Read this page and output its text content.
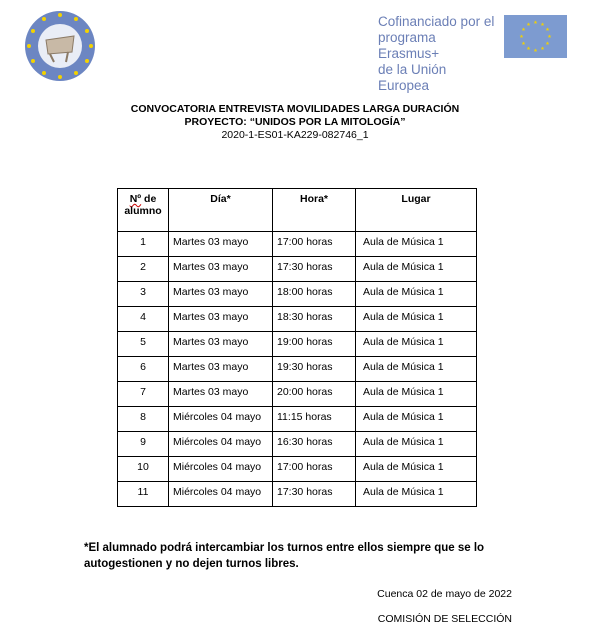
Cofinanciado por el
programa Erasmus+
de la Unión Europea
★ ★
★
★
★
★
★
★
★
★
★
★
CONVOCATORIA ENTREVISTA MOVILIDADES LARGA DURACIÓN
PROYECTO: “UNIDOS POR LA MITOLOGÍA”
2020-1-ES01-KA229-082746_1
Nº de alumno	Día*	Hora*	Lugar
1	Martes 03 mayo	17:00 horas	Aula de Música 1
2	Martes 03 mayo	17:30 horas	Aula de Música 1
3	Martes 03 mayo	18:00 horas	Aula de Música 1
4	Martes 03 mayo	18:30 horas	Aula de Música 1
5	Martes 03 mayo	19:00 horas	Aula de Música 1
6	Martes 03 mayo	19:30 horas	Aula de Música 1
7	Martes 03 mayo	20:00 horas	Aula de Música 1
8	Miércoles 04 mayo	11:15 horas	Aula de Música 1
9	Miércoles 04 mayo	16:30 horas	Aula de Música 1
10	Miércoles 04 mayo	17:00 horas	Aula de Música 1
11	Miércoles 04 mayo	17:30 horas	Aula de Música 1
*El alumnado podrá intercambiar los turnos entre ellos siempre que se lo autogestionen y no dejen turnos libres.
Cuenca 02 de mayo de 2022
COMISIÓN DE SELECCIÓN
